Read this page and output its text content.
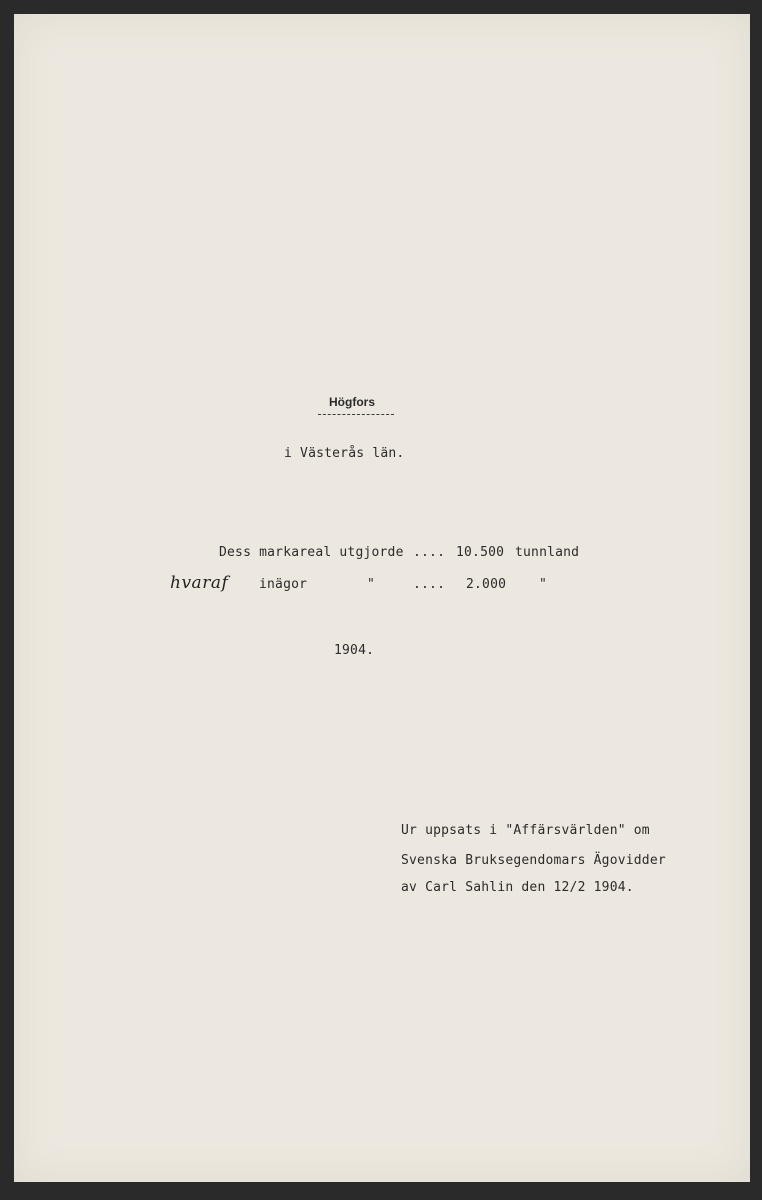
Högfors
i Västerås län.
Dess markareal utgjorde .... 10.500 tunnland
hvaraf inägor	"	.... 2.000	"
1904.
Ur uppsats i "Affärsvärlden" om
Svenska Bruksegendomars Ägovidder
av Carl Sahlin den 12/2 1904.
